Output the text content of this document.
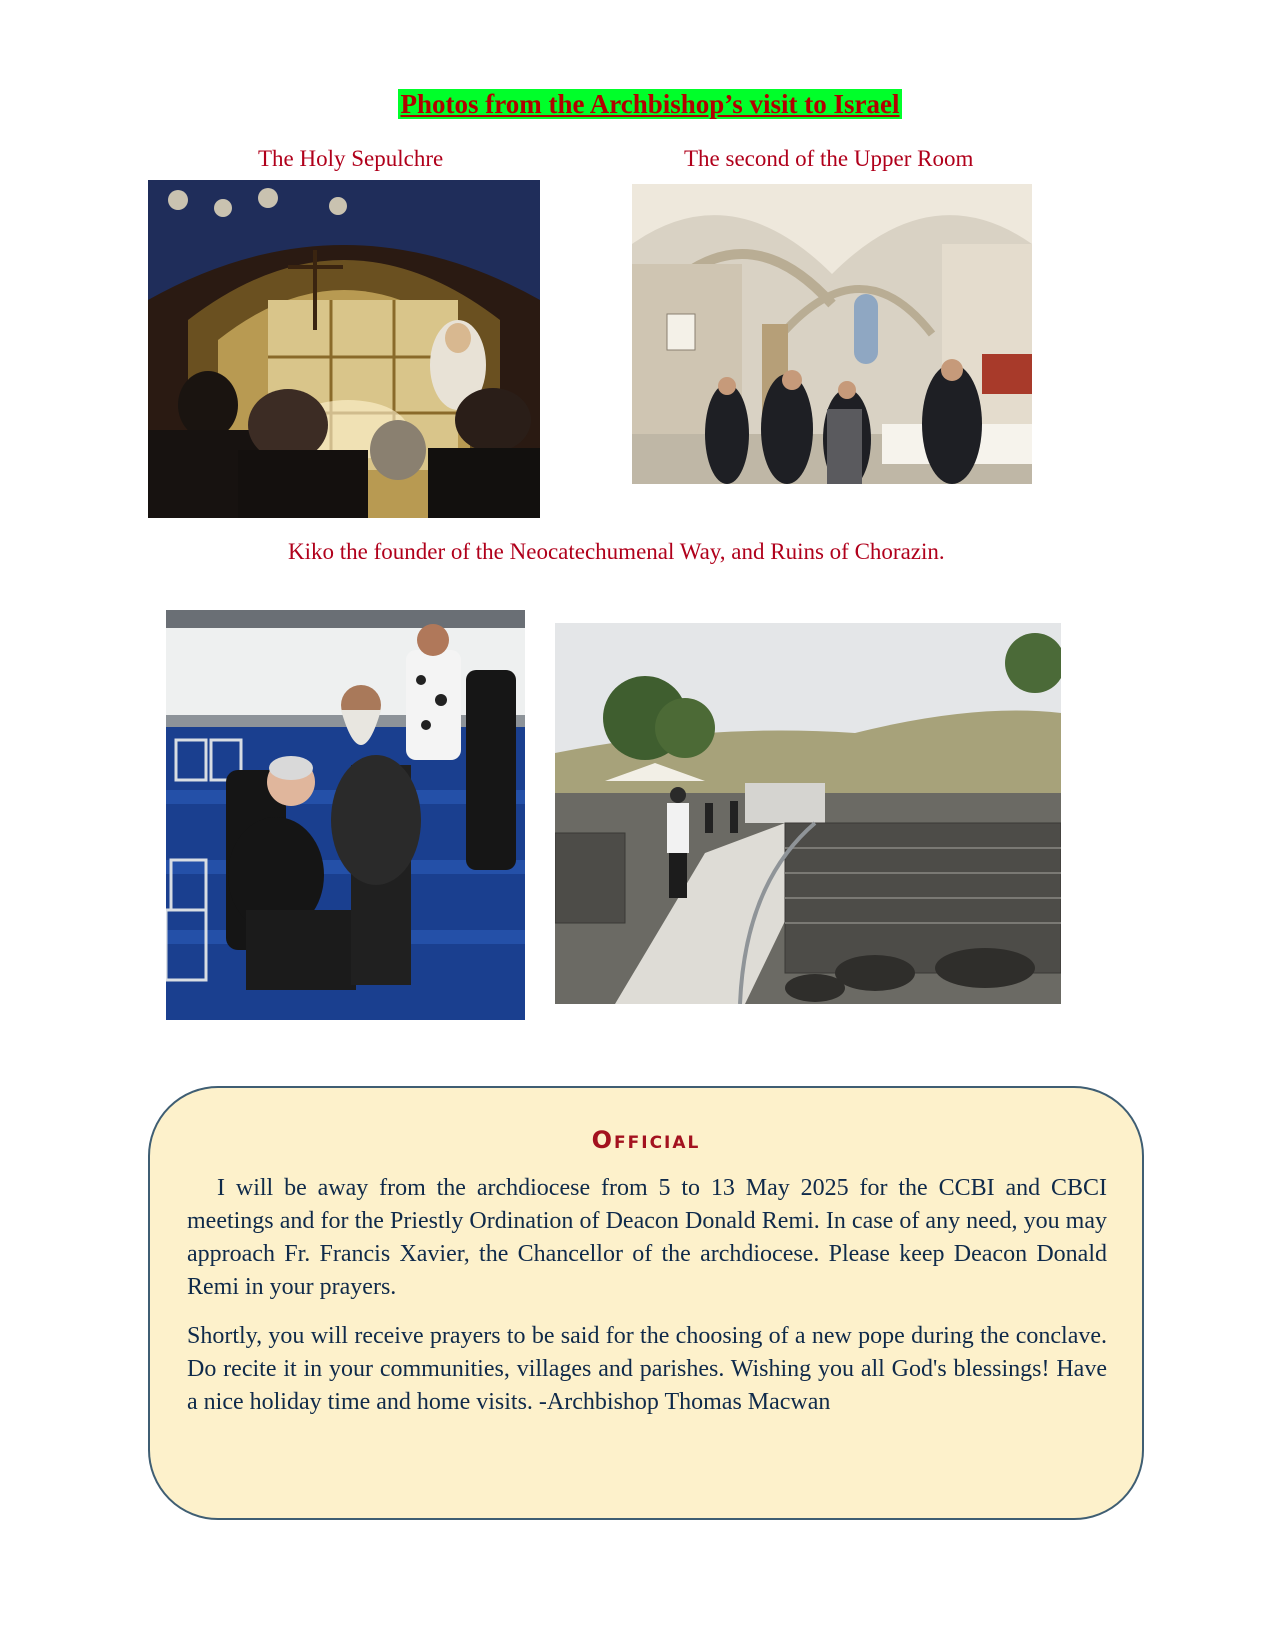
Photos from the Archbishop’s visit to Israel
The Holy Sepulchre	The second of the Upper Room
Kiko the founder of the Neocatechumenal Way, and Ruins of Chorazin.
Official

I will be away from the archdiocese from 5 to 13 May 2025 for the CCBI and CBCI meetings and for the Priestly Ordination of Deacon Donald Remi. In case of any need, you may approach Fr. Francis Xavier, the Chancellor of the archdiocese. Please keep Deacon Donald Remi in your prayers.

Shortly, you will receive prayers to be said for the choosing of a new pope during the conclave. Do recite it in your communities, villages and parishes. Wishing you all God's blessings! Have a nice holiday time and home visits. -Archbishop Thomas Macwan
